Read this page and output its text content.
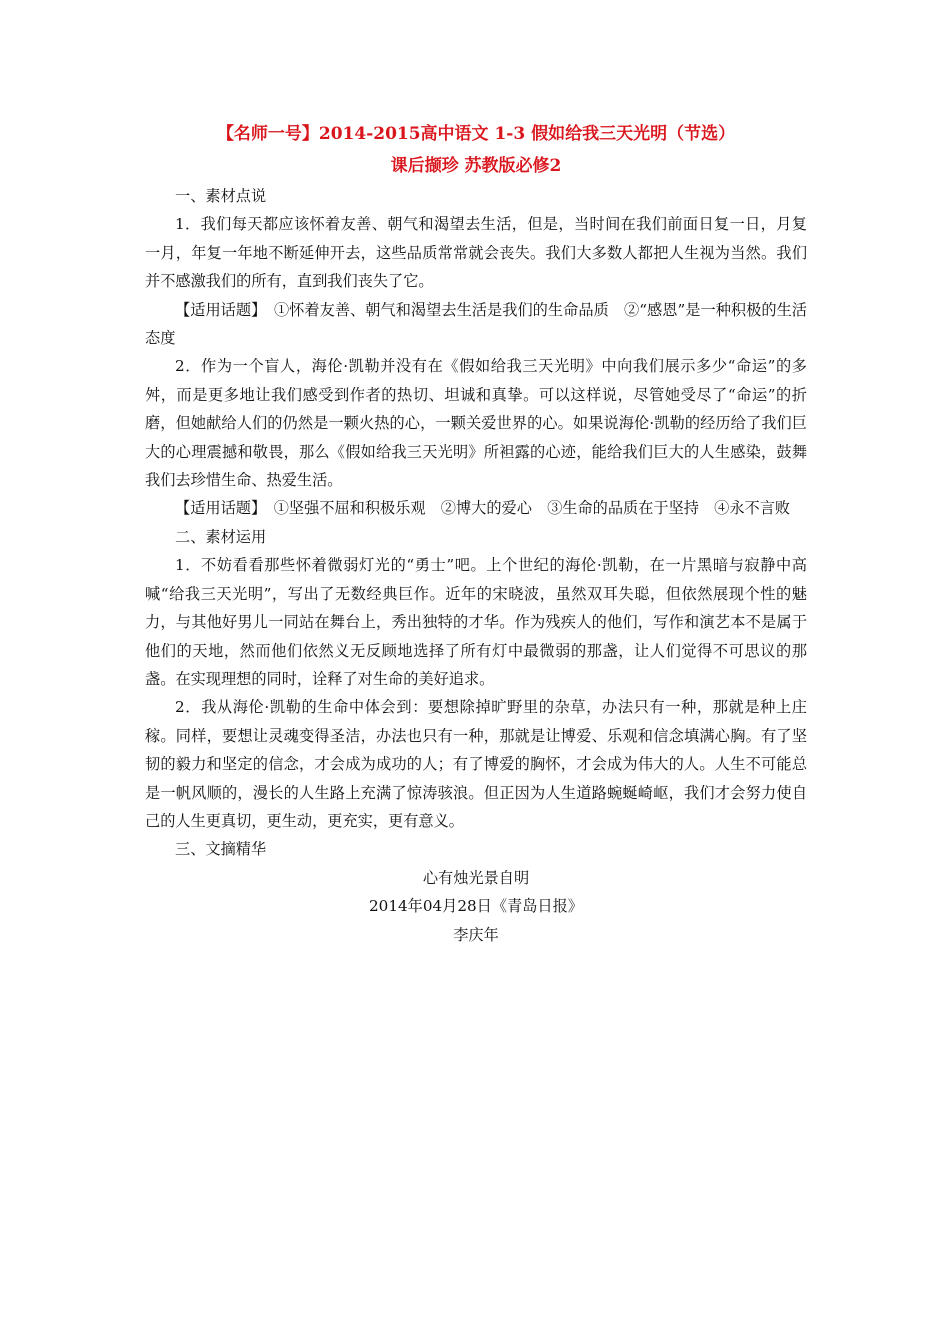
【名师一号】2014-2015高中语文 1-3 假如给我三天光明（节选）
课后撷珍 苏教版必修2

一、素材点说

1．我们每天都应该怀着友善、朝气和渴望去生活，但是，当时间在我们前面日复一日，月复一月，年复一年地不断延伸开去，这些品质常常就会丧失。我们大多数人都把人生视为当然。我们并不感激我们的所有，直到我们丧失了它。

【适用话题】　①怀着友善、朝气和渴望去生活是我们的生命品质　②“感恩”是一种积极的生活态度

2．作为一个盲人，海伦·凯勒并没有在《假如给我三天光明》中向我们展示多少“命运”的多舛，而是更多地让我们感受到作者的热切、坦诚和真挚。可以这样说，尽管她受尽了“命运”的折磨，但她献给人们的仍然是一颗火热的心，一颗关爱世界的心。如果说海伦·凯勒的经历给了我们巨大的心理震撼和敬畏，那么《假如给我三天光明》所袒露的心迹，能给我们巨大的人生感染，鼓舞我们去珍惜生命、热爱生活。

【适用话题】　①坚强不屈和积极乐观　②博大的爱心　③生命的品质在于坚持　④永不言败

二、素材运用

1．不妨看看那些怀着微弱灯光的“勇士”吧。上个世纪的海伦·凯勒，在一片黑暗与寂静中高喊“给我三天光明”，写出了无数经典巨作。近年的宋晓波，虽然双耳失聪，但依然展现个性的魅力，与其他好男儿一同站在舞台上，秀出独特的才华。作为残疾人的他们，写作和演艺本不是属于他们的天地，然而他们依然义无反顾地选择了所有灯中最微弱的那盏，让人们觉得不可思议的那盏。在实现理想的同时，诠释了对生命的美好追求。

2．我从海伦·凯勒的生命中体会到：要想除掉旷野里的杂草，办法只有一种，那就是种上庄稼。同样，要想让灵魂变得圣洁，办法也只有一种，那就是让博爱、乐观和信念填满心胸。有了坚韧的毅力和坚定的信念，才会成为成功的人；有了博爱的胸怀，才会成为伟大的人。人生不可能总是一帆风顺的，漫长的人生路上充满了惊涛骇浪。但正因为人生道路蜿蜒崎岖，我们才会努力使自己的人生更真切，更生动，更充实，更有意义。

三、文摘精华

心有烛光景自明

2014年04月28日《青岛日报》

李庆年
